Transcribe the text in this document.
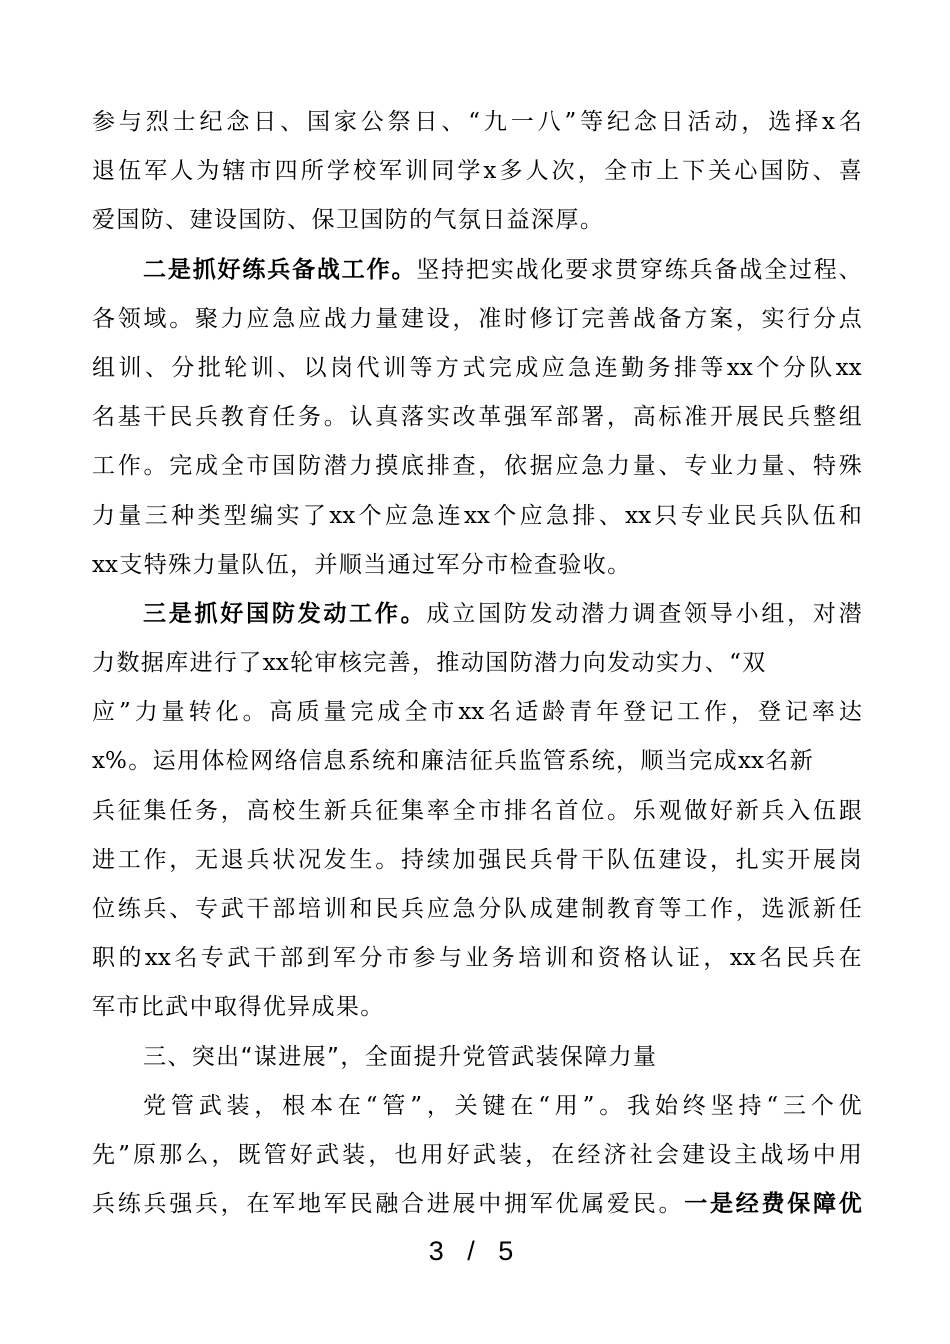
参 与 烈 士 纪 念 日 、 国 家 公 祭 日 、 “ 九 一 八 ” 等 纪 念 日 活 动 ， 选 择 x 名
退 伍 军 人 为 辖 市 四 所 学 校 军 训 同 学 x 多 人 次 ， 全 市 上 下 关 心 国 防 、 喜
爱 国 防 、 建 设 国 防 、 保 卫 国 防 的 气 氛 日 益 深 厚 。
二 是 抓 好 练 兵 备 战 工 作 。 坚 持 把 实 战 化 要 求 贯 穿 练 兵 备 战 全 过 程 、
各 领 域 。 聚 力 应 急 应 战 力 量 建 设 ， 准 时 修 订 完 善 战 备 方 案 ， 实 行 分 点
组 训 、 分 批 轮 训 、 以 岗 代 训 等 方 式 完 成 应 急 连 勤 务 排 等 xx 个 分 队 xx
名 基 干 民 兵 教 育 任 务 。 认 真 落 实 改 革 强 军 部 署 ， 高 标 准 开 展 民 兵 整 组
工 作 。 完 成 全 市 国 防 潜 力 摸 底 排 查 ， 依 据 应 急 力 量 、 专 业 力 量 、 特 殊
力 量 三 种 类 型 编 实 了 xx 个 应 急 连 xx 个 应 急 排 、 xx 只 专 业 民 兵 队 伍 和
xx 支 特 殊 力 量 队 伍 ， 并 顺 当 通 过 军 分 市 检 查 验 收 。
三 是 抓 好 国 防 发 动 工 作 。 成 立 国 防 发 动 潜 力 调 查 领 导 小 组 ， 对 潜
力 数 据 库 进 行 了 xx 轮 审 核 完 善 ， 推 动 国 防 潜 力 向 发 动 实 力 、 “ 双
应 ” 力 量 转 化 。 高 质 量 完 成 全 市 xx 名 适 龄 青 年 登 记 工 作 ， 登 记 率 达
x% 。 运 用 体 检 网 络 信 息 系 统 和 廉 洁 征 兵 监 管 系 统 ， 顺 当 完 成 xx 名 新
兵 征 集 任 务 ， 高 校 生 新 兵 征 集 率 全 市 排 名 首 位 。 乐 观 做 好 新 兵 入 伍 跟
进 工 作 ， 无 退 兵 状 况 发 生 。 持 续 加 强 民 兵 骨 干 队 伍 建 设 ， 扎 实 开 展 岗
位 练 兵 、 专 武 干 部 培 训 和 民 兵 应 急 分 队 成 建 制 教 育 等 工 作 ， 选 派 新 任
职 的 xx 名 专 武 干 部 到 军 分 市 参 与 业 务 培 训 和 资 格 认 证 ， xx 名 民 兵 在
军 市 比 武 中 取 得 优 异 成 果 。
三 、 突 出 “ 谋 进 展 ” ， 全 面 提 升 党 管 武 装 保 障 力 量
党 管 武 装 ， 根 本 在 “ 管 ” ， 关 键 在 “ 用 ” 。 我 始 终 坚 持 “ 三 个 优
先 ” 原 那 么 ， 既 管 好 武 装 ， 也 用 好 武 装 ， 在 经 济 社 会 建 设 主 战 场 中 用
兵 练 兵 强 兵 ， 在 军 地 军 民 融 合 进 展 中 拥 军 优 属 爱 民 。 一 是 经 费 保 障 优
3 / 5
